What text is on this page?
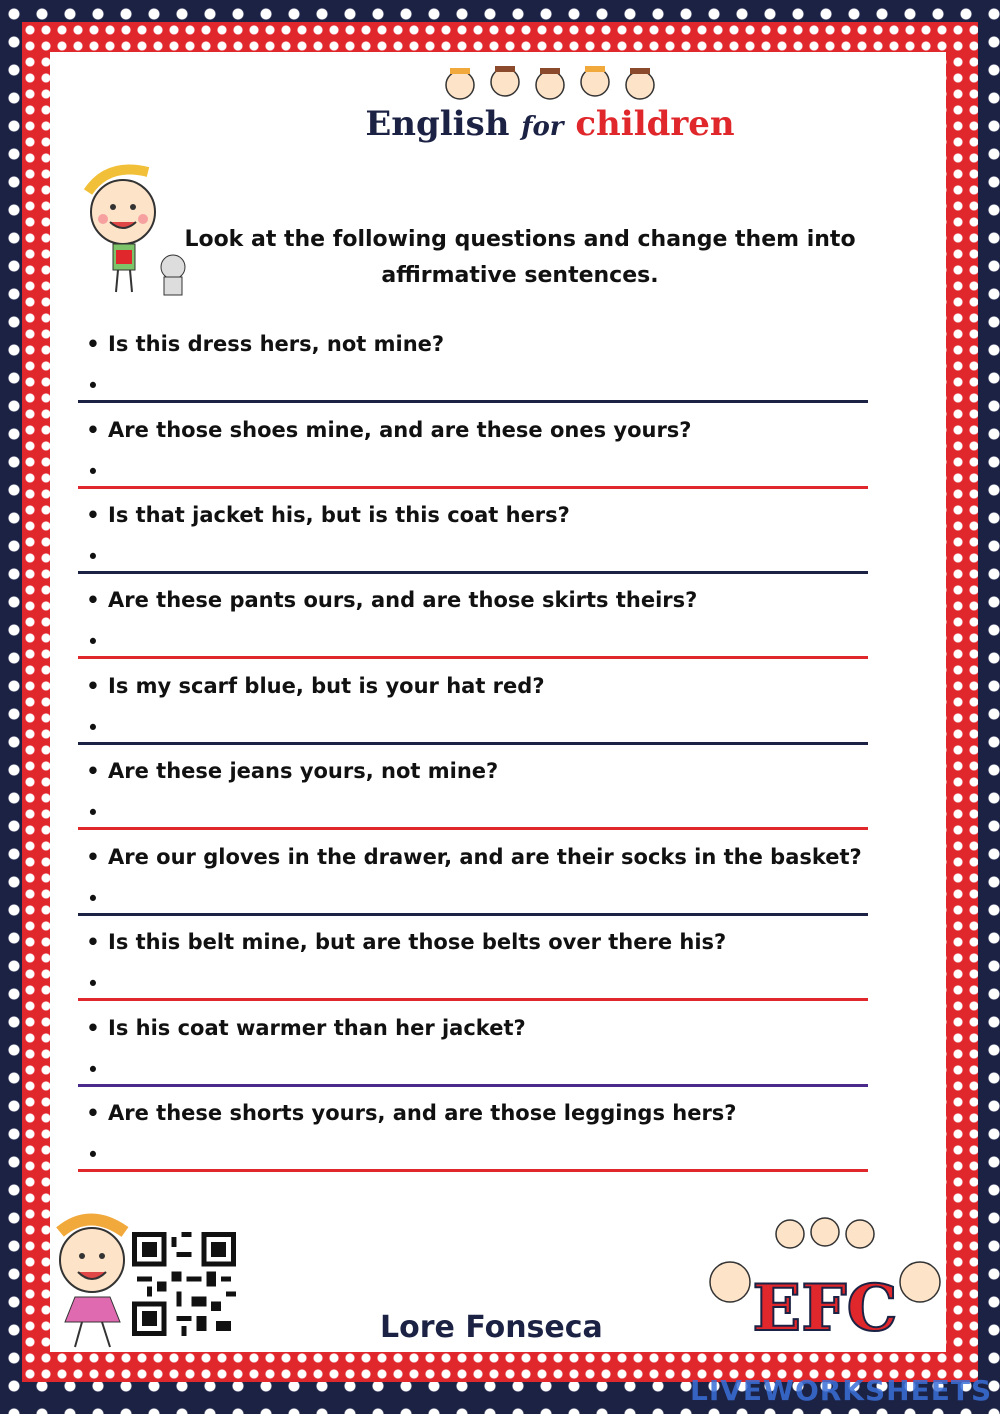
English for children
Look at the following questions and change them into affirmative sentences.
• Is this dress hers, not mine?
•
• Are those shoes mine, and are these ones yours?
•
• Is that jacket his, but is this coat hers?
•
• Are these pants ours, and are those skirts theirs?
•
• Is my scarf blue, but is your hat red?
•
• Are these jeans yours, not mine?
•
• Are our gloves in the drawer, and are their socks in the basket?
•
• Is this belt mine, but are those belts over there his?
•
• Is his coat warmer than her jacket?
•
• Are these shorts yours, and are those leggings hers?
•
Lore Fonseca EFC
LIVEWORKSHEETS
